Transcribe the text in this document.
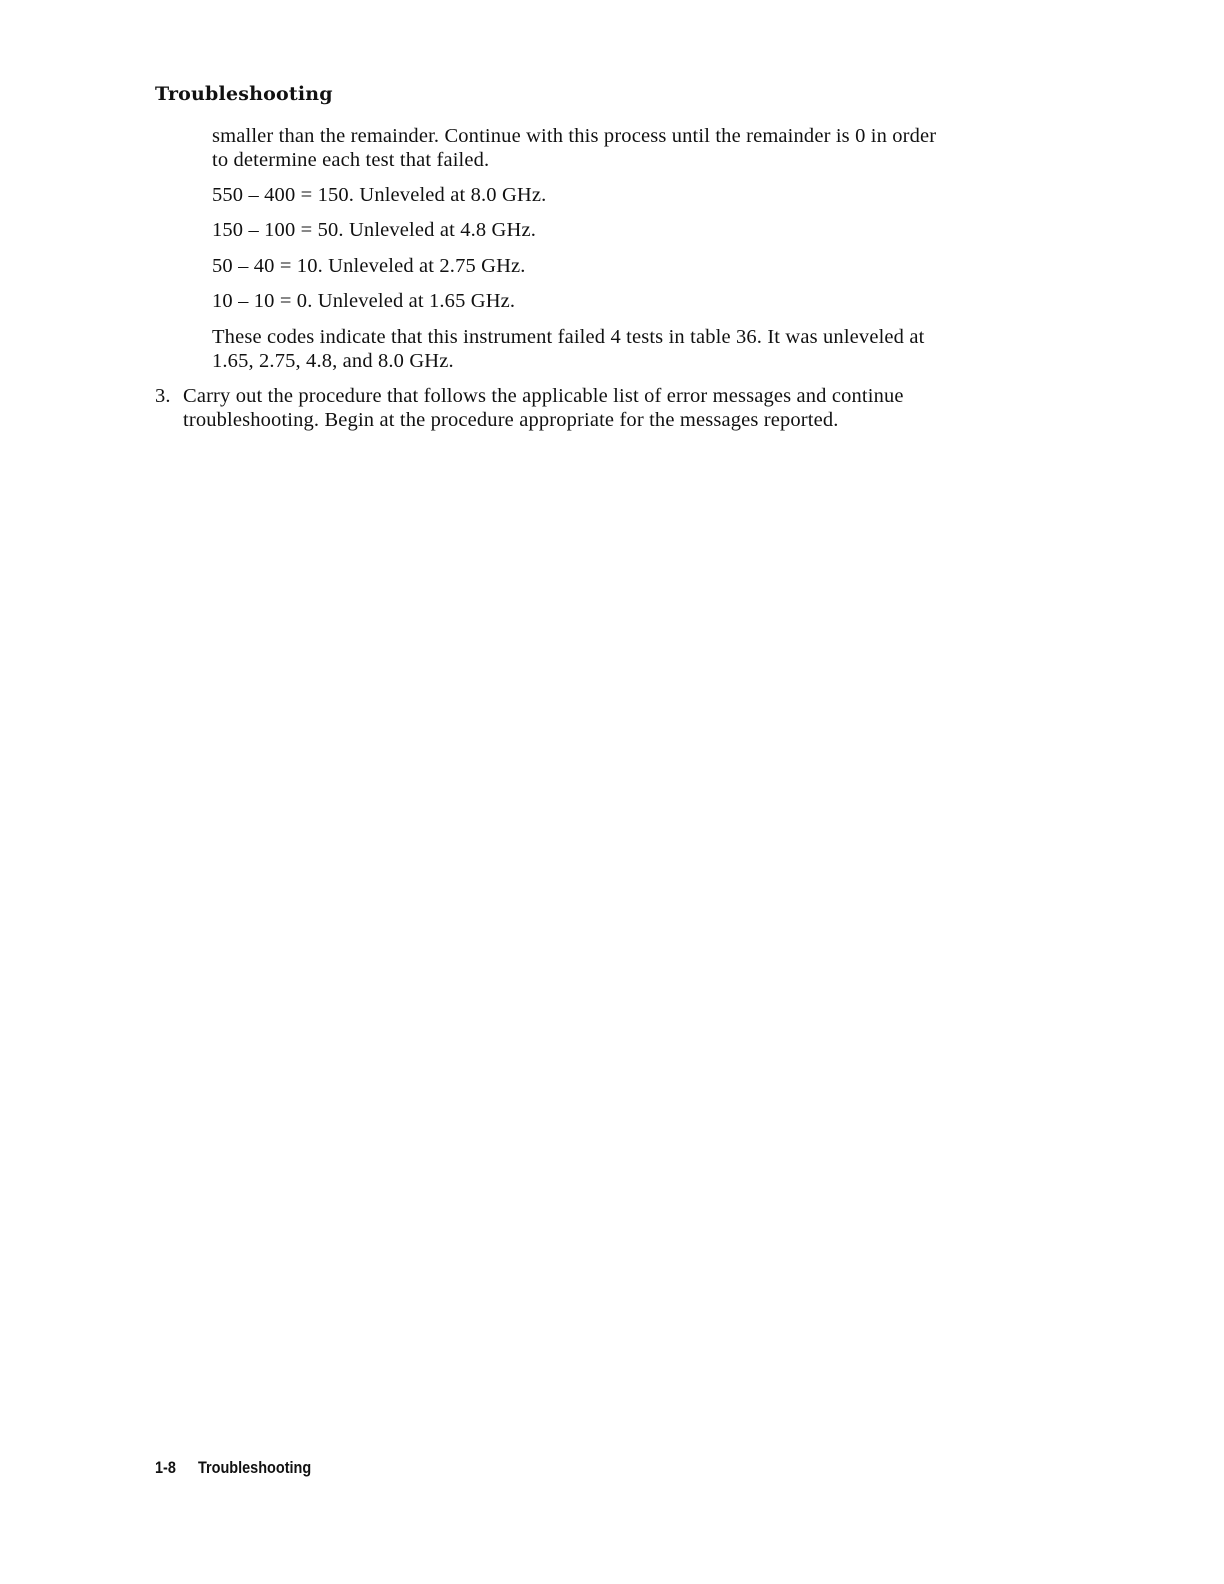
Troubleshooting
smaller than the remainder. Continue with this process until the remainder is 0 in order
to determine each test that failed.
550 – 400 = 150. Unleveled at 8.0 GHz.
150 – 100 = 50. Unleveled at 4.8 GHz.
50 – 40 = 10. Unleveled at 2.75 GHz.
10 – 10 = 0. Unleveled at 1.65 GHz.
These codes indicate that this instrument failed 4 tests in table 36. It was unleveled at
1.65, 2.75, 4.8, and 8.0 GHz.
3. Carry out the procedure that follows the applicable list of error messages and continue
troubleshooting. Begin at the procedure appropriate for the messages reported.
1-8 Troubleshooting
